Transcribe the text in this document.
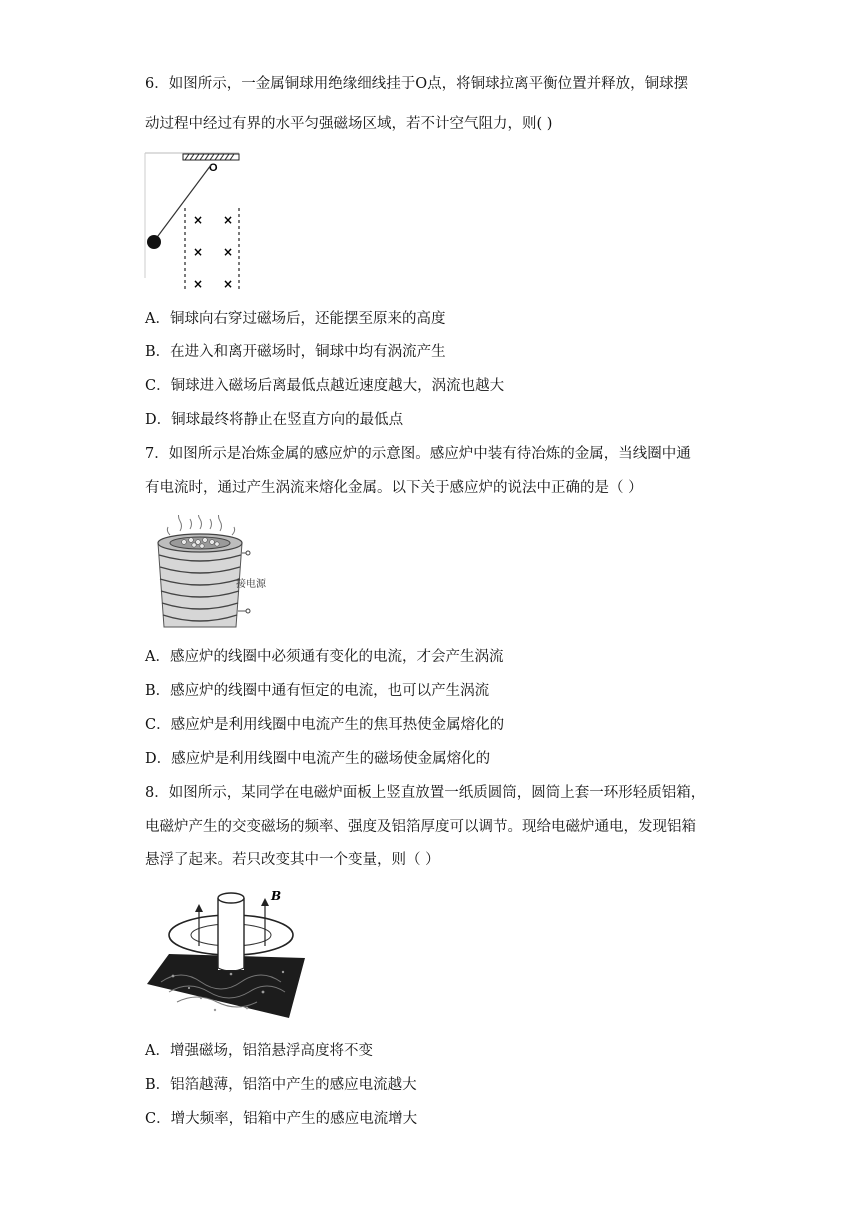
6．如图所示，一金属铜球用绝缘细线挂于O点，将铜球拉离平衡位置并释放，铜球摆
动过程中经过有界的水平匀强磁场区域，若不计空气阻力，则( )
O
× ×
× ×
× ×
A．铜球向右穿过磁场后，还能摆至原来的高度
B．在进入和离开磁场时，铜球中均有涡流产生
C．铜球进入磁场后离最低点越近速度越大，涡流也越大
D．铜球最终将静止在竖直方向的最低点
7．如图所示是冶炼金属的感应炉的示意图。感应炉中装有待冶炼的金属，当线圈中通
有电流时，通过产生涡流来熔化金属。以下关于感应炉的说法中正确的是（ ）
接电源
A．感应炉的线圈中必须通有变化的电流，才会产生涡流
B．感应炉的线圈中通有恒定的电流，也可以产生涡流
C．感应炉是利用线圈中电流产生的焦耳热使金属熔化的
D．感应炉是利用线圈中电流产生的磁场使金属熔化的
8．如图所示，某同学在电磁炉面板上竖直放置一纸质圆筒，圆筒上套一环形轻质铝箱，
电磁炉产生的交变磁场的频率、强度及铝箔厚度可以调节。现给电磁炉通电，发现铝箱
悬浮了起来。若只改变其中一个变量，则（ ）
B
A．增强磁场，铝箔悬浮高度将不变
B．铝箔越薄，铝箔中产生的感应电流越大
C．增大频率，铝箱中产生的感应电流增大
